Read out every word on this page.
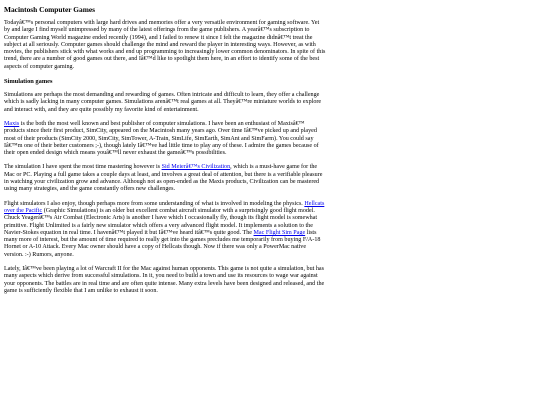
Macintosh Computer Games

Todayâ€™s personal computers with large hard drives and memories offer a very versatile environment for gaming software. Yet by and large I find myself unimpressed by many of the latest offerings from the game publishers. A yearâ€™s subscription to Computer Gaming World magazine ended recently (1994), and I failed to renew it since I felt the magazine didnâ€™t treat the subject at all seriously. Computer games should challenge the mind and reward the player in interesting ways. However, as with movies, the publishers stick with what works and end up programming to increasingly lower common denominators. In spite of this trend, there are a number of good games out there, and Iâ€™d like to spotlight them here, in an effort to identify some of the best aspects of computer gaming.

Simulation games

Simulations are perhaps the most demanding and rewarding of games. Often intricate and difficult to learn, they offer a challenge which is sadly lacking in many computer games. Simulations arenâ€™t real games at all. Theyâ€™re miniature worlds to explore and interact with, and they are quite possibly my favorite kind of entertainment.

Maxis is the both the most well known and best publisher of computer simulations. I have been an enthusiast of Maxisâ€™ products since their first product, SimCity, appeared on the Macintosh many years ago. Over time Iâ€™ve picked up and played most of their products (SimCity 2000, SimCity, SimTower, A-Train, SimLife, SimEarth, SimAnt and SimFarm). You could say Iâ€™m one of their better customers ;-), though lately Iâ€™ve had little time to play any of these. I admire the games because of their open ended design which means youâ€™ll never exhaust the gameâ€™s possibilities.

The simulation I have spent the most time mastering however is Sid Meierâ€™s Civilization, which is a must-have game for the Mac or PC. Playing a full game takes a couple days at least, and involves a great deal of attention, but there is a verifiable pleasure in watching your civilization grow and advance. Although not as open-ended as the Maxis products, Civilization can be mastered using many strategies, and the game constantly offers new challenges.

Flight simulators I also enjoy, though perhaps more from some understanding of what is involved in modeling the physics. Hellcats over the Pacific (Graphic Simulations) is an older but excellent combat aircraft simulator with a surprisingly good flight model. Chuck Yeagerâ€™s Air Combat (Electronic Arts) is another I have which I occasionally fly, though its flight model is somewhat primitive. Flight Unlimited is a fairly new simulator which offers a very advanced flight model. It implements a solution to the Navier-Stokes equation in real time. I havenâ€™t played it but Iâ€™ve heard itâ€™s quite good. The Mac Flight Sim Page lists many more of interest, but the amount of time required to really get into the games precludes me temporarily from buying F/A-18 Hornet or A-10 Attack. Every Mac owner should have a copy of Hellcats though. Now if there was only a PowerMac native version. :-) Rumors, anyone.

Lately, Iâ€™ve been playing a lot of Warcraft II for the Mac against human opponents. This game is not quite a simulation, but has many aspects which derive from successful simulations. In it, you need to build a town and use its resources to wage war against your opponents. The battles are in real time and are often quite intense. Many extra levels have been designed and released, and the game is sufficiently flexible that I am unlike to exhaust it soon.
